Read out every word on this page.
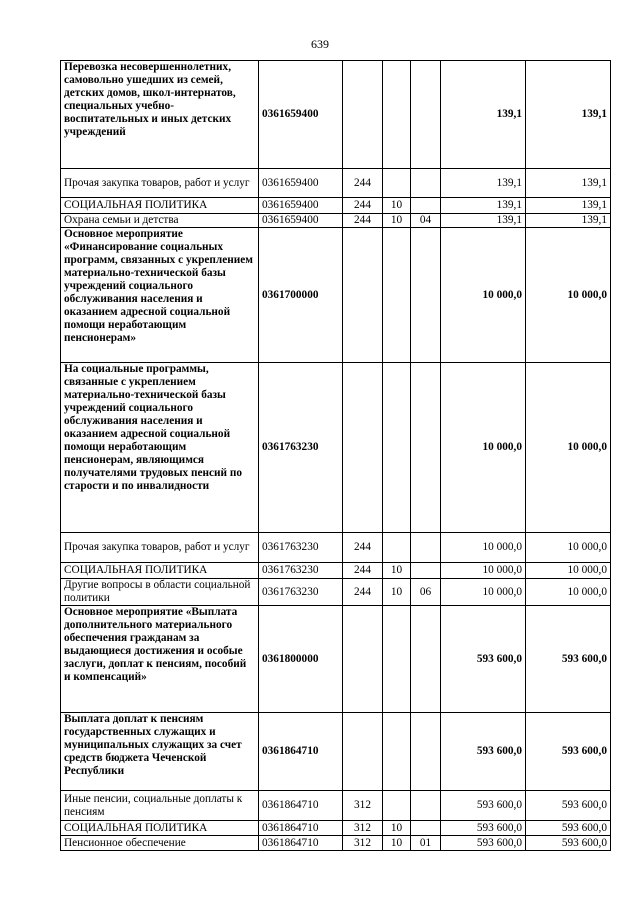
639
Перевозка несовершеннолетних, самовольно ушедших из семей, детских домов, школ-интернатов, специальных учебно-воспитательных и иных детских учреждений	0361659400				139,1	139,1
Прочая закупка товаров, работ и услуг	0361659400	244			139,1	139,1
СОЦИАЛЬНАЯ ПОЛИТИКА	0361659400	244	10		139,1	139,1
Охрана семьи и детства	0361659400	244	10	04	139,1	139,1
Основное мероприятие «Финансирование социальных программ, связанных с укреплением материально-технической базы учреждений социального обслуживания населения и оказанием адресной социальной помощи неработающим пенсионерам»	0361700000				10 000,0	10 000,0
На социальные программы, связанные с укреплением материально-технической базы учреждений социального обслуживания населения и оказанием адресной социальной помощи неработающим пенсионерам, являющимся получателями трудовых пенсий по старости и по инвалидности	0361763230				10 000,0	10 000,0
Прочая закупка товаров, работ и услуг	0361763230	244			10 000,0	10 000,0
СОЦИАЛЬНАЯ ПОЛИТИКА	0361763230	244	10		10 000,0	10 000,0
Другие вопросы в области социальной политики	0361763230	244	10	06	10 000,0	10 000,0
Основное мероприятие «Выплата дополнительного материального обеспечения гражданам за выдающиеся достижения и особые заслуги, доплат к пенсиям, пособий и компенсаций»	0361800000				593 600,0	593 600,0
Выплата доплат к пенсиям государственных служащих и муниципальных служащих за счет средств бюджета Чеченской Республики	0361864710				593 600,0	593 600,0
Иные пенсии, социальные доплаты к пенсиям	0361864710	312			593 600,0	593 600,0
СОЦИАЛЬНАЯ ПОЛИТИКА	0361864710	312	10		593 600,0	593 600,0
Пенсионное обеспечение	0361864710	312	10	01	593 600,0	593 600,0
